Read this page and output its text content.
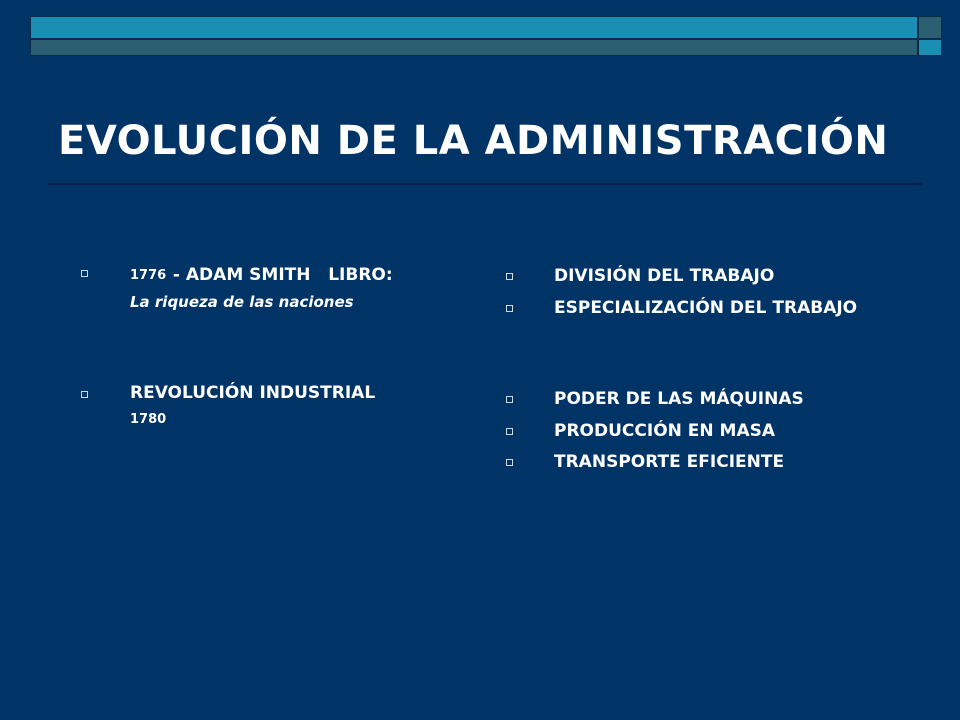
EVOLUCIÓN DE LA ADMINISTRACIÓN
1776 - ADAM SMITH   LIBRO:
La riqueza de las naciones
REVOLUCIÓN INDUSTRIAL
1780
DIVISIÓN DEL TRABAJO
ESPECIALIZACIÓN DEL TRABAJO
PODER DE LAS MÁQUINAS
PRODUCCIÓN EN MASA
TRANSPORTE EFICIENTE
